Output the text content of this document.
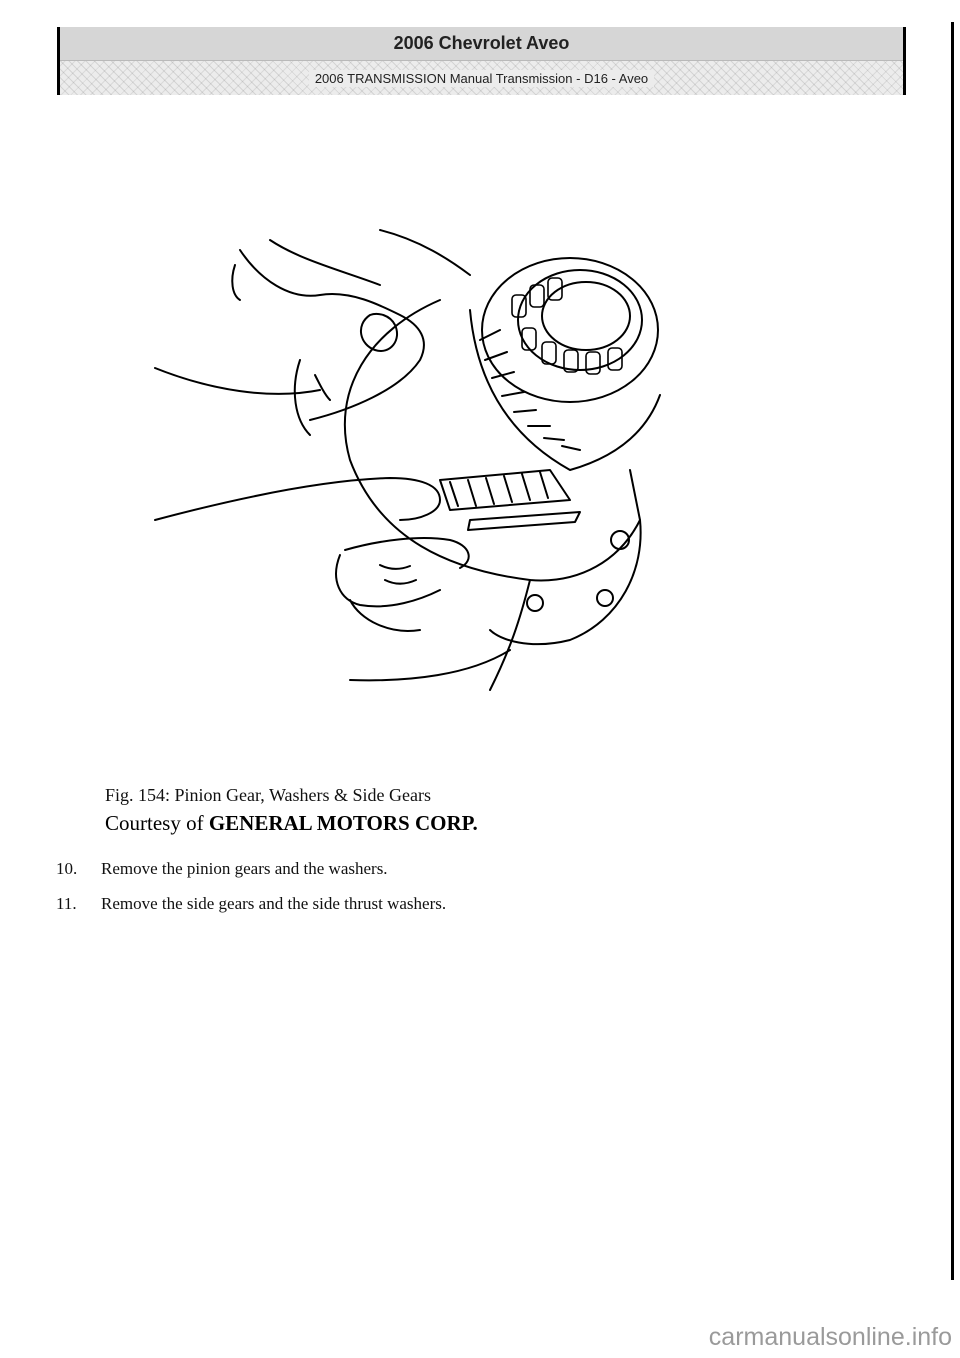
2006 Chevrolet Aveo
2006 TRANSMISSION Manual Transmission - D16 - Aveo
Fig. 154: Pinion Gear, Washers & Side Gears
Courtesy of GENERAL MOTORS CORP.
10.	Remove the pinion gears and the washers.
11.	Remove the side gears and the side thrust washers.
carmanualsonline.info
